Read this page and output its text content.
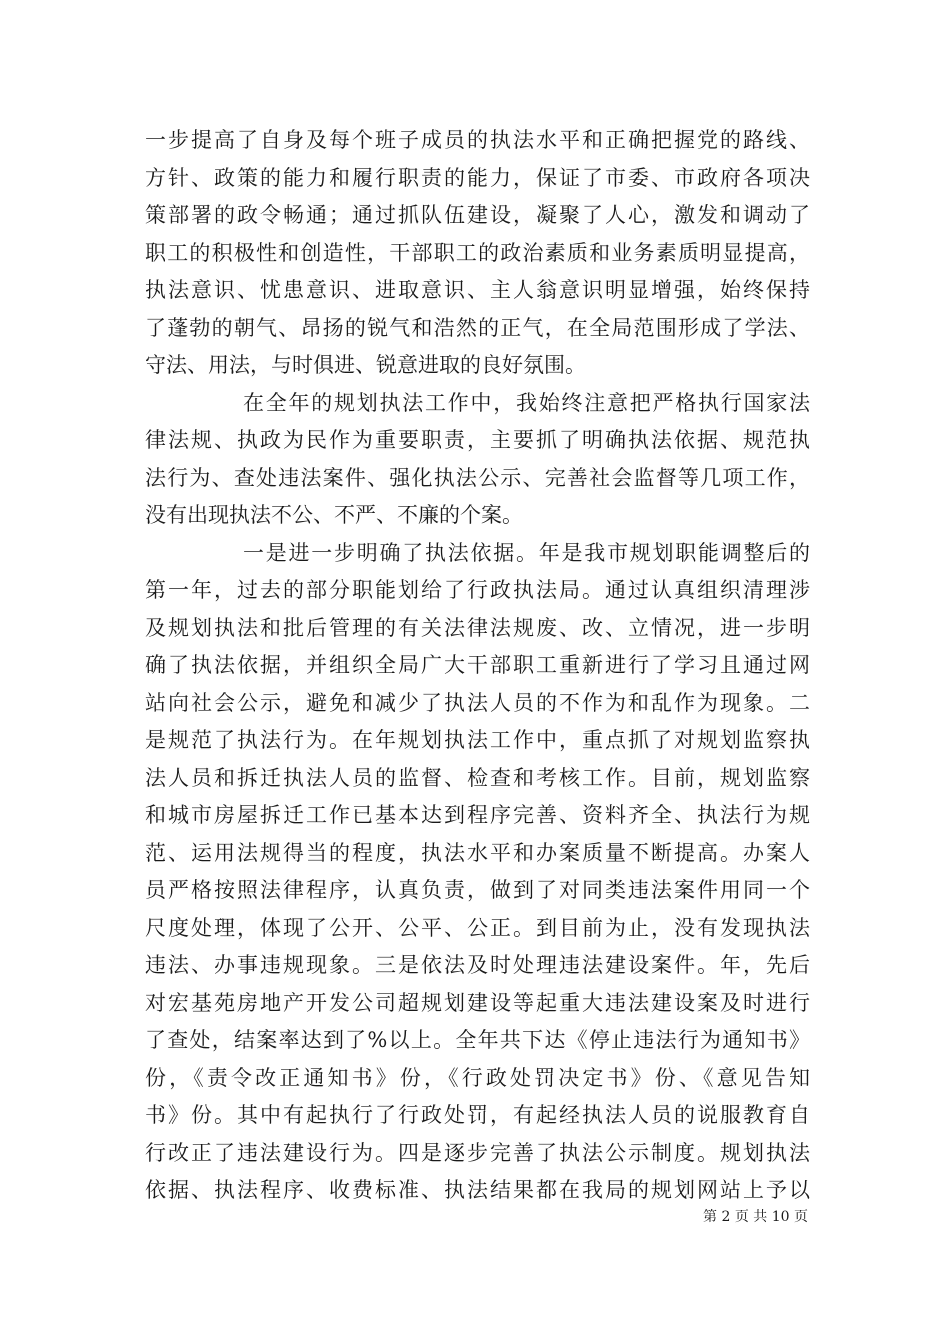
一步提高了自身及每个班子成员的执法水平和正确把握党的路线、
方针、政策的能力和履行职责的能力，保证了市委、市政府各项决
策部署的政令畅通；通过抓队伍建设，凝聚了人心，激发和调动了
职工的积极性和创造性，干部职工的政治素质和业务素质明显提高，
执法意识、忧患意识、进取意识、主人翁意识明显增强，始终保持
了蓬勃的朝气、昂扬的锐气和浩然的正气，在全局范围形成了学法、
守法、用法，与时俱进、锐意进取的良好氛围。
在全年的规划执法工作中，我始终注意把严格执行国家法
律法规、执政为民作为重要职责，主要抓了明确执法依据、规范执
法行为、查处违法案件、强化执法公示、完善社会监督等几项工作，
没有出现执法不公、不严、不廉的个案。
一是进一步明确了执法依据。年是我市规划职能调整后的
第一年，过去的部分职能划给了行政执法局。通过认真组织清理涉
及规划执法和批后管理的有关法律法规废、改、立情况，进一步明
确了执法依据，并组织全局广大干部职工重新进行了学习且通过网
站向社会公示，避免和减少了执法人员的不作为和乱作为现象。二
是规范了执法行为。在年规划执法工作中，重点抓了对规划监察执
法人员和拆迁执法人员的监督、检查和考核工作。目前，规划监察
和城市房屋拆迁工作已基本达到程序完善、资料齐全、执法行为规
范、运用法规得当的程度，执法水平和办案质量不断提高。办案人
员严格按照法律程序，认真负责，做到了对同类违法案件用同一个
尺度处理，体现了公开、公平、公正。到目前为止，没有发现执法
违法、办事违规现象。三是依法及时处理违法建设案件。年，先后
对宏基苑房地产开发公司超规划建设等起重大违法建设案及时进行
了查处，结案率达到了%以上。全年共下达《停止违法行为通知书》
份，《责令改正通知书》份，《行政处罚决定书》份、《意见告知
书》份。其中有起执行了行政处罚，有起经执法人员的说服教育自
行改正了违法建设行为。四是逐步完善了执法公示制度。规划执法
依据、执法程序、收费标准、执法结果都在我局的规划网站上予以
第 2 页 共 10 页
